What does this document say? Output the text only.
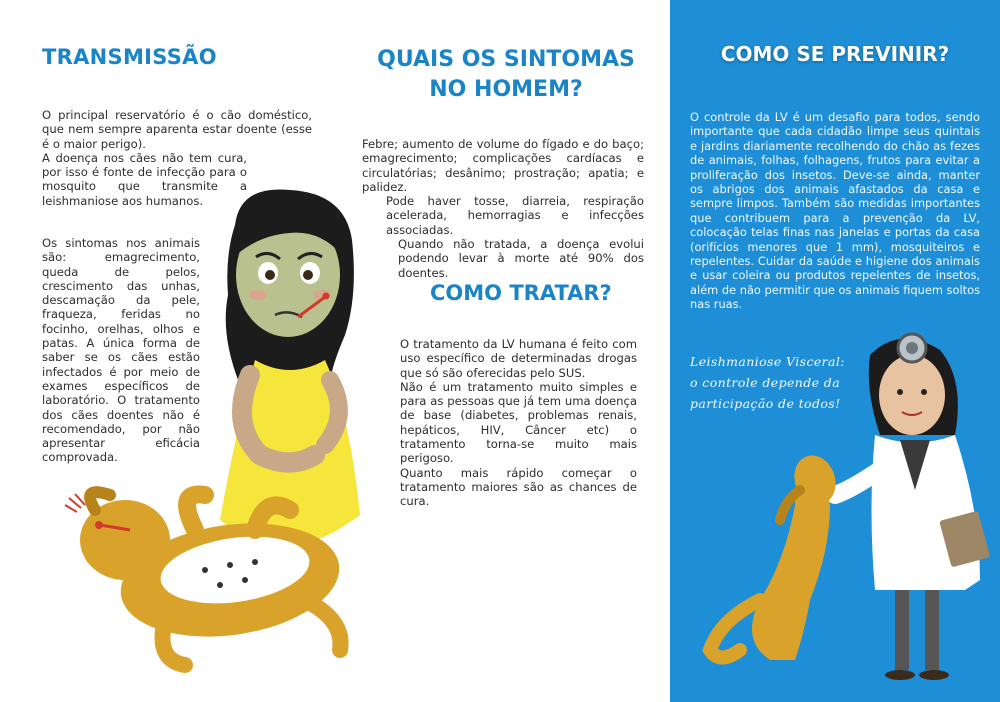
TRANSMISSÃO

O principal reservatório é o cão doméstico, que nem sempre aparenta estar doente (esse é o maior perigo).

A doença nos cães não tem cura, por isso é fonte de infecção para o mosquito que transmite a leishmaniose aos humanos.

Os sintomas nos animais são: emagrecimento, queda de pelos, crescimento das unhas, descamação da pele, fraqueza, feridas no focinho, orelhas, olhos e patas. A única forma de saber se os cães estão infectados é por meio de exames específicos de laboratório. O tratamento dos cães doentes não é recomendado, por não apresentar eficácia comprovada.

QUAIS OS SINTOMAS
NO HOMEM?

Febre; aumento de volume do fígado e do baço; emagrecimento; complicações cardíacas e circulatórias; desânimo; prostração; apatia; e palidez.

Pode haver tosse, diarreia, respiração acelerada, hemorragias e infecções associadas.

Quando não tratada, a doença evolui podendo levar à morte até 90% dos doentes.

COMO TRATAR?

O tratamento da LV humana é feito com uso específico de determinadas drogas que só são oferecidas pelo SUS.

Não é um tratamento muito simples e para as pessoas que já tem uma doença de base (diabetes, problemas renais, hepáticos, HIV, Câncer etc) o tratamento torna-se muito mais perigoso.

Quanto mais rápido começar o tratamento maiores são as chances de cura.

COMO SE PREVINIR?

O controle da LV é um desafio para todos, sendo importante que cada cidadão limpe seus quintais e jardins diariamente recolhendo do chão as fezes de animais, folhas, folhagens, frutos para evitar a proliferação dos insetos. Deve-se ainda, manter os abrigos dos animais afastados da casa e sempre limpos. Também são medidas importantes que contribuem para a prevenção da LV, colocação telas finas nas janelas e portas da casa (orifícios menores que 1 mm), mosquiteiros e repelentes. Cuidar da saúde e higiene dos animais e usar coleira ou produtos repelentes de insetos, além de não permitir que os animais fiquem soltos nas ruas.

Leishmaniose Visceral: o controle depende da participação de todos!
